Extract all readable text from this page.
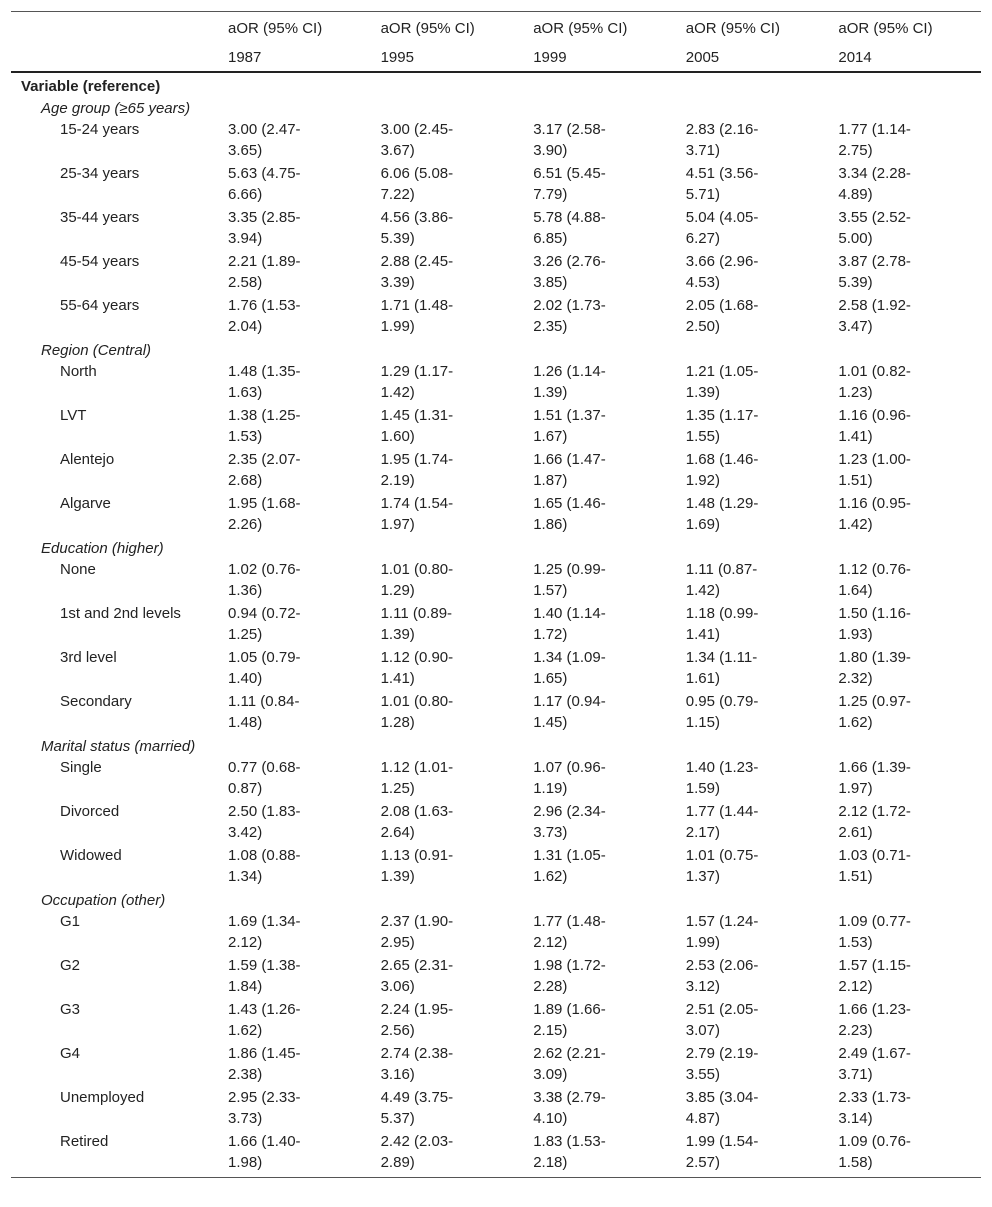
	aOR (95% CI)	aOR (95% CI)	aOR (95% CI)	aOR (95% CI)	aOR (95% CI)
	1987	1995	1999	2005	2014
Variable (reference)					
Age group (≥65 years)					
15-24 years	3.00 (2.47-3.65)	3.00 (2.45-3.67)	3.17 (2.58-3.90)	2.83 (2.16-3.71)	1.77 (1.14-2.75)
25-34 years	5.63 (4.75-6.66)	6.06 (5.08-7.22)	6.51 (5.45-7.79)	4.51 (3.56-5.71)	3.34 (2.28-4.89)
35-44 years	3.35 (2.85-3.94)	4.56 (3.86-5.39)	5.78 (4.88-6.85)	5.04 (4.05-6.27)	3.55 (2.52-5.00)
45-54 years	2.21 (1.89-2.58)	2.88 (2.45-3.39)	3.26 (2.76-3.85)	3.66 (2.96-4.53)	3.87 (2.78-5.39)
55-64 years	1.76 (1.53-2.04)	1.71 (1.48-1.99)	2.02 (1.73-2.35)	2.05 (1.68-2.50)	2.58 (1.92-3.47)
Region (Central)					
North	1.48 (1.35-1.63)	1.29 (1.17-1.42)	1.26 (1.14-1.39)	1.21 (1.05-1.39)	1.01 (0.82-1.23)
LVT	1.38 (1.25-1.53)	1.45 (1.31-1.60)	1.51 (1.37-1.67)	1.35 (1.17-1.55)	1.16 (0.96-1.41)
Alentejo	2.35 (2.07-2.68)	1.95 (1.74-2.19)	1.66 (1.47-1.87)	1.68 (1.46-1.92)	1.23 (1.00-1.51)
Algarve	1.95 (1.68-2.26)	1.74 (1.54-1.97)	1.65 (1.46-1.86)	1.48 (1.29-1.69)	1.16 (0.95-1.42)
Education (higher)					
None	1.02 (0.76-1.36)	1.01 (0.80-1.29)	1.25 (0.99-1.57)	1.11 (0.87-1.42)	1.12 (0.76-1.64)
1st and 2nd levels	0.94 (0.72-1.25)	1.11 (0.89-1.39)	1.40 (1.14-1.72)	1.18 (0.99-1.41)	1.50 (1.16-1.93)
3rd level	1.05 (0.79-1.40)	1.12 (0.90-1.41)	1.34 (1.09-1.65)	1.34 (1.11-1.61)	1.80 (1.39-2.32)
Secondary	1.11 (0.84-1.48)	1.01 (0.80-1.28)	1.17 (0.94-1.45)	0.95 (0.79-1.15)	1.25 (0.97-1.62)
Marital status (married)					
Single	0.77 (0.68-0.87)	1.12 (1.01-1.25)	1.07 (0.96-1.19)	1.40 (1.23-1.59)	1.66 (1.39-1.97)
Divorced	2.50 (1.83-3.42)	2.08 (1.63-2.64)	2.96 (2.34-3.73)	1.77 (1.44-2.17)	2.12 (1.72-2.61)
Widowed	1.08 (0.88-1.34)	1.13 (0.91-1.39)	1.31 (1.05-1.62)	1.01 (0.75-1.37)	1.03 (0.71-1.51)
Occupation (other)					
G1	1.69 (1.34-2.12)	2.37 (1.90-2.95)	1.77 (1.48-2.12)	1.57 (1.24-1.99)	1.09 (0.77-1.53)
G2	1.59 (1.38-1.84)	2.65 (2.31-3.06)	1.98 (1.72-2.28)	2.53 (2.06-3.12)	1.57 (1.15-2.12)
G3	1.43 (1.26-1.62)	2.24 (1.95-2.56)	1.89 (1.66-2.15)	2.51 (2.05-3.07)	1.66 (1.23-2.23)
G4	1.86 (1.45-2.38)	2.74 (2.38-3.16)	2.62 (2.21-3.09)	2.79 (2.19-3.55)	2.49 (1.67-3.71)
Unemployed	2.95 (2.33-3.73)	4.49 (3.75-5.37)	3.38 (2.79-4.10)	3.85 (3.04-4.87)	2.33 (1.73-3.14)
Retired	1.66 (1.40-1.98)	2.42 (2.03-2.89)	1.83 (1.53-2.18)	1.99 (1.54-2.57)	1.09 (0.76-1.58)
